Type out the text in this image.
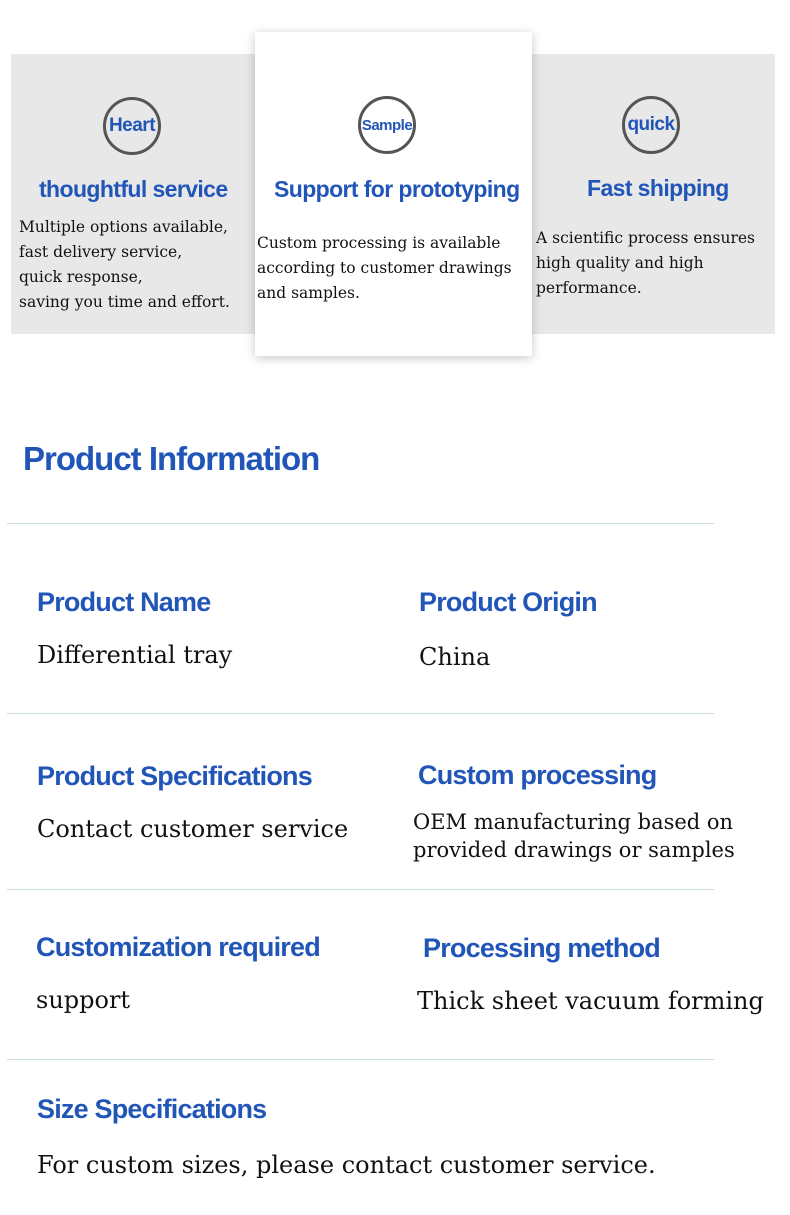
Heart
thoughtful service
Multiple options available,
fast delivery service,
quick response,
saving you time and effort.
Sample
Support for prototyping
Custom processing is available
according to customer drawings
and samples.
quick
Fast shipping
A scientific process ensures
high quality and high
performance.
Product Information
Product Name
Differential tray
Product Origin
China
Product Specifications
Contact customer service
Custom processing
OEM manufacturing based on
provided drawings or samples
Customization required
support
Processing method
Thick sheet vacuum forming
Size Specifications
For custom sizes, please contact customer service.
